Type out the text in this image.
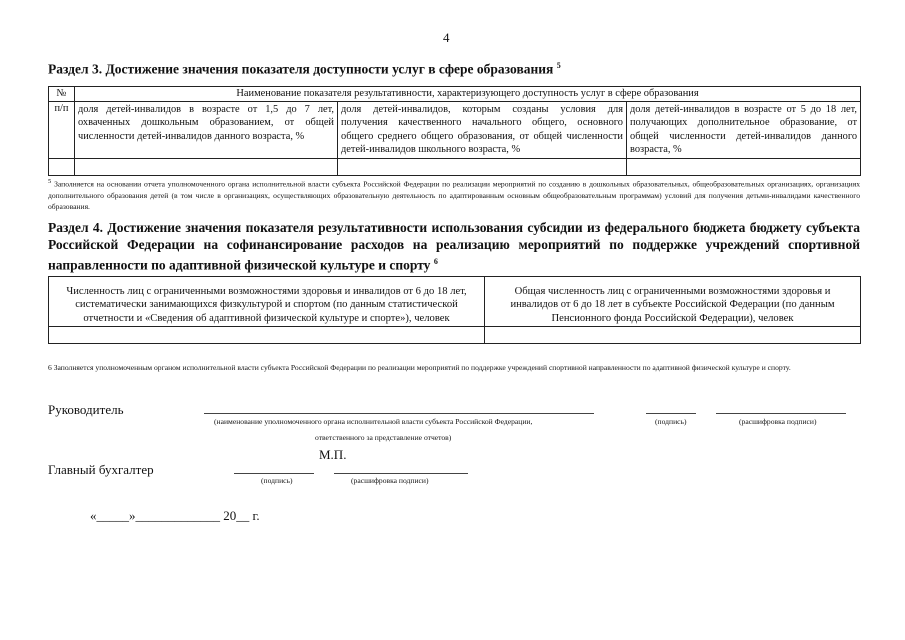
4
Раздел 3. Достижение значения показателя доступности услуг в сфере образования $^5$
№	Наименование показателя результативности, характеризующего доступность услуг в сфере образования		
п/п	доля детей-инвалидов в возрасте от 1,5 до 7 лет, охваченных дошкольным образованием, от общей численности детей-инвалидов данного возраста, %	доля детей-инвалидов, которым созданы условия для получения качественного начального общего, основного общего среднего общего образования, от общей численности детей-инвалидов школьного возраста, %	доля детей-инвалидов в возрасте от 5 до 18 лет, получающих дополнительное образование, от общей численности детей-инвалидов данного возраста, %

$^5$ Заполняется на основании отчета уполномоченного органа исполнительной власти субъекта Российской Федерации по реализации мероприятий по созданию в дошкольных образовательных, общеобразовательных организациях, организациях дополнительного образования детей (в том числе в организациях, осуществляющих образовательную деятельность по адаптированным основным общеобразовательным программам) условий для получения детьми-инвалидами качественного образования.
Раздел 4. Достижение значения показателя результативности использования субсидии из федерального бюджета бюджету субъекта Российской Федерации на софинансирование расходов на реализацию мероприятий по поддержке учреждений спортивной направленности по адаптивной физической культуре и спорту $^6$
Численность лиц с ограниченными возможностями здоровья и инвалидов от 6 до 18 лет, систематически занимающихся физкультурой и спортом (по данным статистической отчетности и «Сведения об адаптивной физической культуре и спорте»), человек	Общая численность лиц с ограниченными возможностями здоровья и инвалидов от 6 до 18 лет в субъекте Российской Федерации (по данным Пенсионного фонда Российской Федерации), человек

6 Заполняется уполномоченным органом исполнительной власти субъекта Российской Федерации по реализации мероприятий по поддержке учреждений спортивной направленности по адаптивной физической культуре и спорту.
Руководитель
(наименование уполномоченного органа исполнительной власти субъекта Российской Федерации,	(подпись)	(расшифровка подписи)
ответственного за представление отчетов)
М.П.
Главный бухгалтер
(подпись)	(расшифровка подписи)
«_____»_____________ 20__ г.
